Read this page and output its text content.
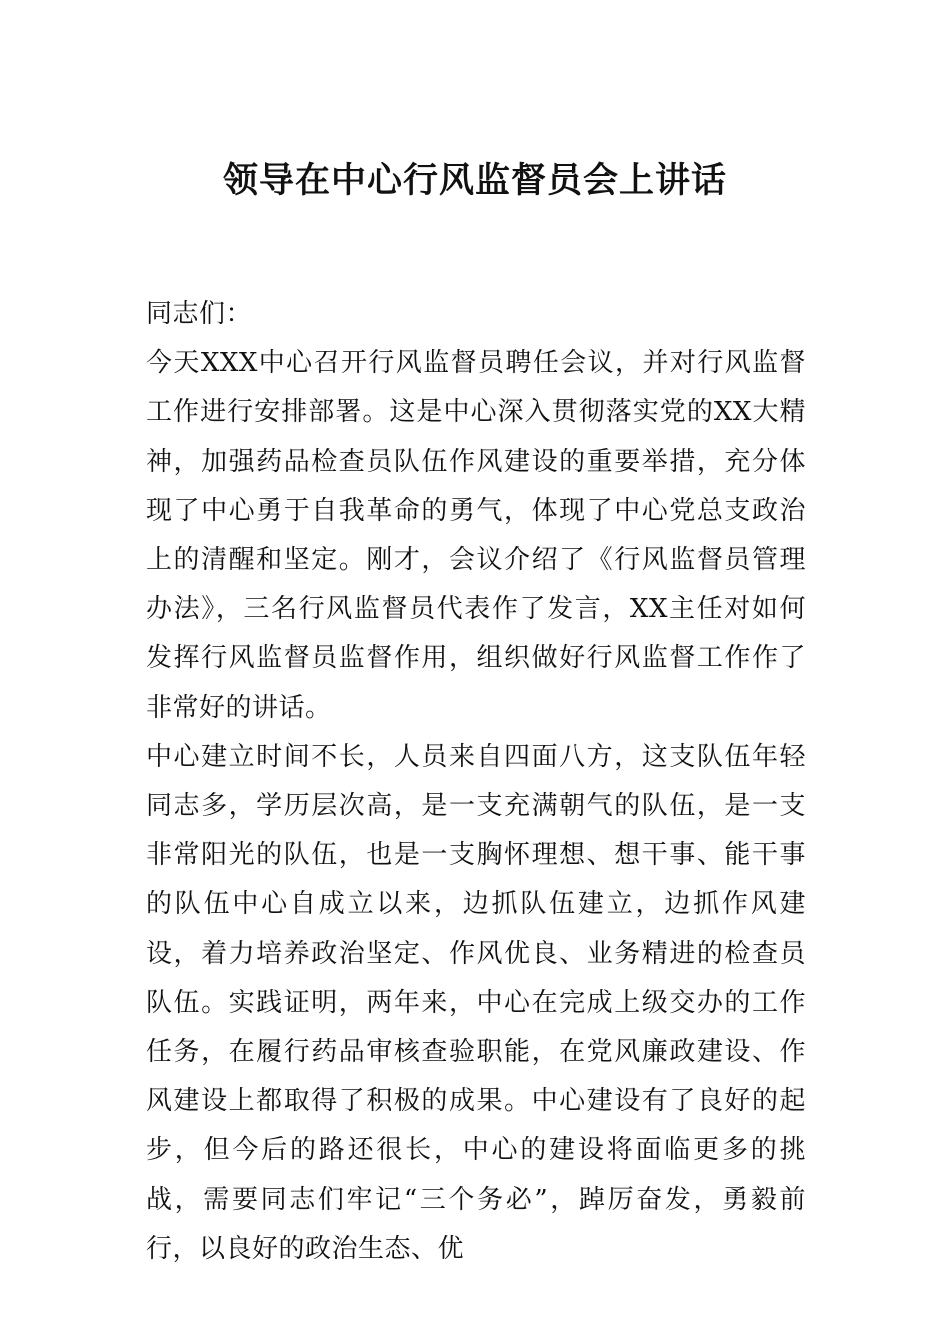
领导在中心行风监督员会上讲话

同志们：

今天XXX中心召开行风监督员聘任会议，并对行风监督工作进行安排部署。这是中心深入贯彻落实党的XX大精神，加强药品检查员队伍作风建设的重要举措，充分体现了中心勇于自我革命的勇气，体现了中心党总支政治上的清醒和坚定。刚才，会议介绍了《行风监督员管理办法》，三名行风监督员代表作了发言，XX主任对如何发挥行风监督员监督作用，组织做好行风监督工作作了非常好的讲话。

中心建立时间不长，人员来自四面八方，这支队伍年轻同志多，学历层次高，是一支充满朝气的队伍，是一支非常阳光的队伍，也是一支胸怀理想、想干事、能干事的队伍中心自成立以来，边抓队伍建立，边抓作风建设，着力培养政治坚定、作风优良、业务精进的检查员队伍。实践证明，两年来，中心在完成上级交办的工作任务，在履行药品审核查验职能，在党风廉政建设、作风建设上都取得了积极的成果。中心建设有了良好的起步，但今后的路还很长，中心的建设将面临更多的挑战，需要同志们牢记“三个务必”，踔厉奋发，勇毅前行，以良好的政治生态、优
